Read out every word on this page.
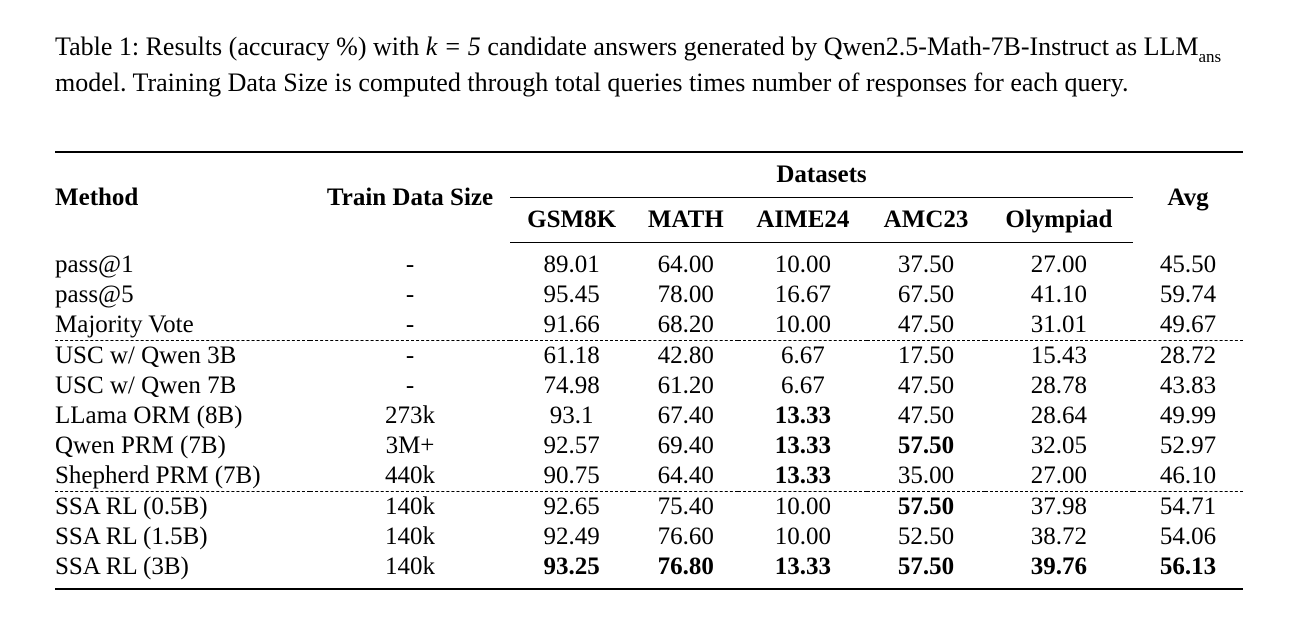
Table 1: Results (accuracy %) with k = 5 candidate answers generated by Qwen2.5-Math-7B-Instruct as $LLM_{ans}$ model. Training Data Size is computed through total queries times number of responses for each query.
Method	Train Data Size	Datasets					Avg
		GSM8K	MATH	AIME24	AMC23	Olympiad	
pass@1	-	89.01	64.00	10.00	37.50	27.00	45.50
pass@5	-	95.45	78.00	16.67	67.50	41.10	59.74
Majority Vote	-	91.66	68.20	10.00	47.50	31.01	49.67
USC w/ Qwen 3B	-	61.18	42.80	6.67	17.50	15.43	28.72
USC w/ Qwen 7B	-	74.98	61.20	6.67	47.50	28.78	43.83
LLama ORM (8B)	273k	93.1	67.40	13.33	47.50	28.64	49.99
Qwen PRM (7B)	3M+	92.57	69.40	13.33	57.50	32.05	52.97
Shepherd PRM (7B)	440k	90.75	64.40	13.33	35.00	27.00	46.10
SSA RL (0.5B)	140k	92.65	75.40	10.00	57.50	37.98	54.71
SSA RL (1.5B)	140k	92.49	76.60	10.00	52.50	38.72	54.06
SSA RL (3B)	140k	93.25	76.80	13.33	57.50	39.76	56.13
